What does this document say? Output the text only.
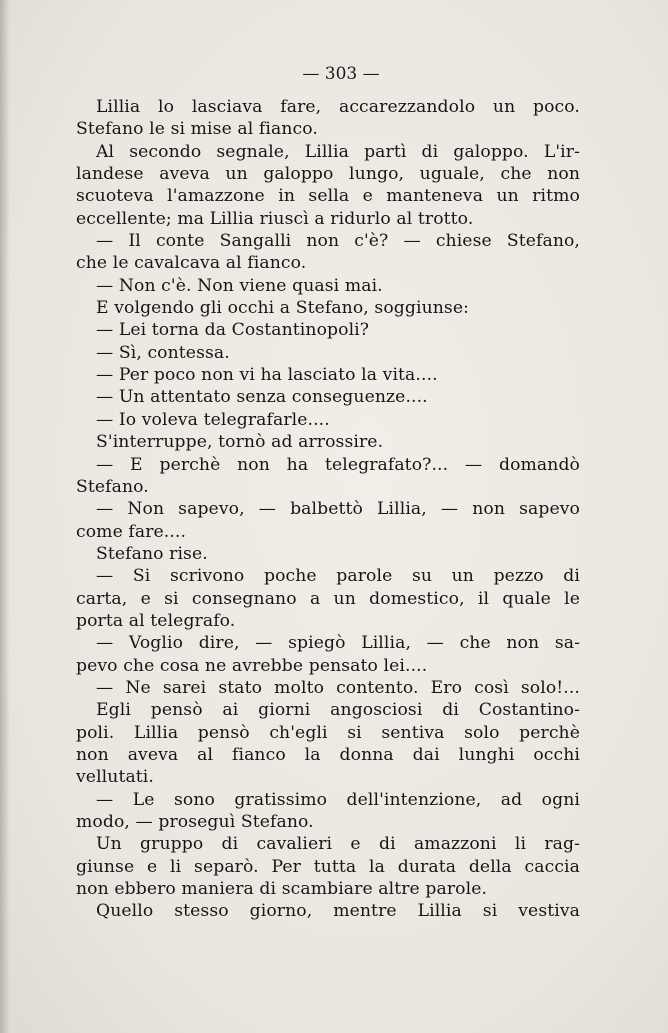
— 303 —
Lillia lo lasciava fare, accarezzandolo un poco.
Stefano le si mise al fianco.
Al secondo segnale, Lillia partì di galoppo. L'ir-
landese aveva un galoppo lungo, uguale, che non
scuoteva l'amazzone in sella e manteneva un ritmo
eccellente; ma Lillia riuscì a ridurlo al trotto.
— Il conte Sangalli non c'è? — chiese Stefano,
che le cavalcava al fianco.
— Non c'è. Non viene quasi mai.
E volgendo gli occhi a Stefano, soggiunse:
— Lei torna da Costantinopoli?
— Sì, contessa.
— Per poco non vi ha lasciato la vita....
— Un attentato senza conseguenze....
— Io voleva telegrafarle....
S'interruppe, tornò ad arrossire.
— E perchè non ha telegrafato?... — domandò
Stefano.
— Non sapevo, — balbettò Lillia, — non sapevo
come fare....
Stefano rise.
— Si scrivono poche parole su un pezzo di
carta, e si consegnano a un domestico, il quale le
porta al telegrafo.
— Voglio dire, — spiegò Lillia, — che non sa-
pevo che cosa ne avrebbe pensato lei....
— Ne sarei stato molto contento. Ero così solo!...
Egli pensò ai giorni angosciosi di Costantino-
poli. Lillia pensò ch'egli si sentiva solo perchè
non aveva al fianco la donna dai lunghi occhi
vellutati.
— Le sono gratissimo dell'intenzione, ad ogni
modo, — proseguì Stefano.
Un gruppo di cavalieri e di amazzoni li rag-
giunse e li separò. Per tutta la durata della caccia
non ebbero maniera di scambiare altre parole.
Quello stesso giorno, mentre Lillia si vestiva
